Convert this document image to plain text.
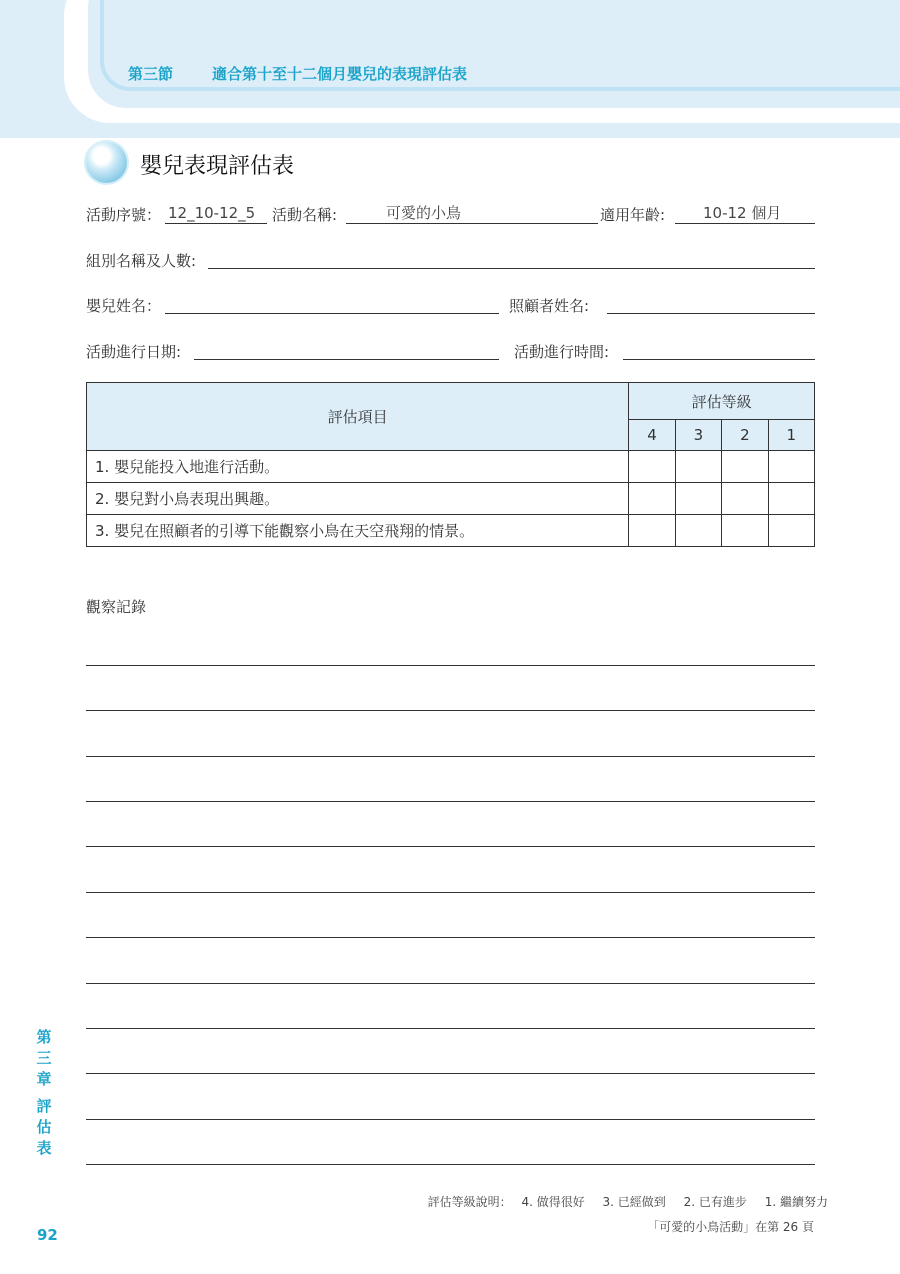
第三節	適合第十至十二個月嬰兒的表現評估表
嬰兒表現評估表
活動序號： 12_10-12_5	活動名稱:	可愛的小鳥	適用年齡:	10-12 個月
組別名稱及人數:
嬰兒姓名：	照顧者姓名:
活動進行日期:	活動進行時間:
評估項目	評估等級			
	4	3	2	1
1. 嬰兒能投入地進行活動。				
2. 嬰兒對小鳥表現出興趣。				
3. 嬰兒在照顧者的引導下能觀察小鳥在天空飛翔的情景。				
觀察記錄
第
三
章
評
估
表
92
評估等級說明： 4. 做得很好 3. 已經做到 2. 已有進步 1. 繼續努力
「可愛的小鳥活動」在第 26 頁
